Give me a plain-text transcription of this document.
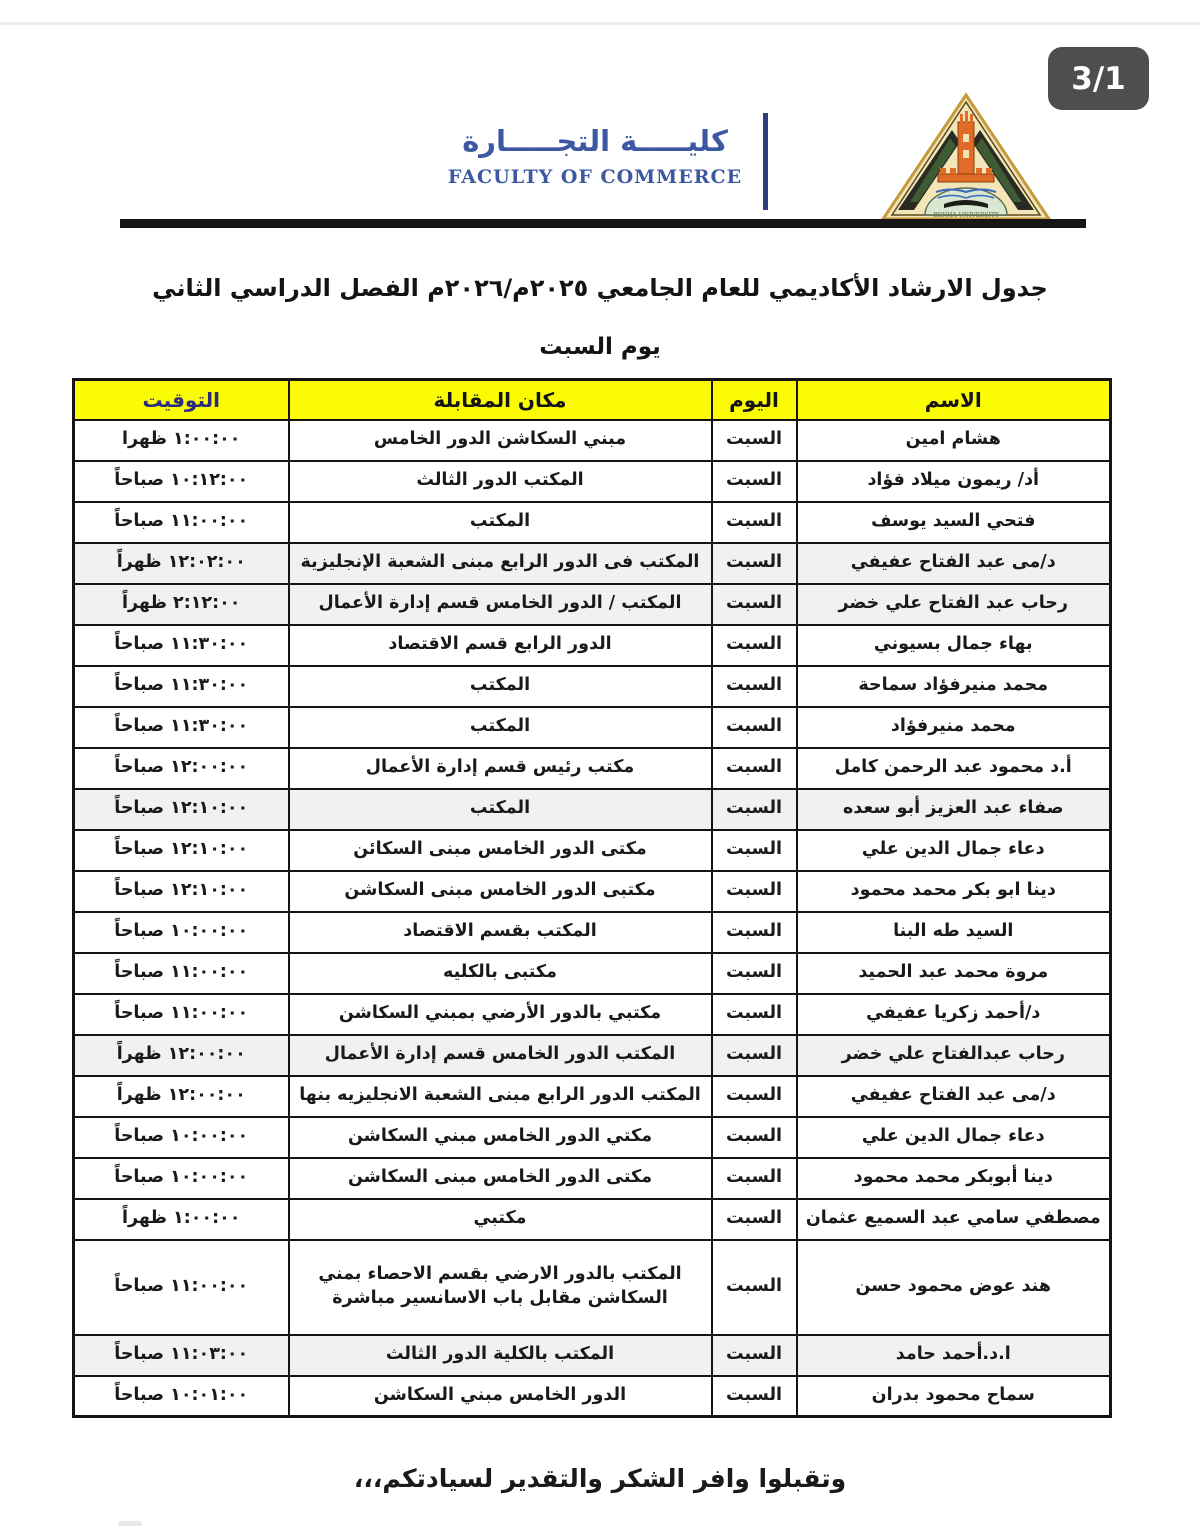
3/1
BENHA UNIVERSITY
كليـــــة التجـــــارة
FACULTY OF COMMERCE
جدول الارشاد الأكاديمي للعام الجامعي ٢٠٢٥م/٢٠٢٦م الفصل الدراسي الثاني
يوم السبت
الاسم	اليوم	مكان المقابلة	التوقيت
هشام امين	السبت	مبني السكاشن الدور الخامس	١:٠٠:٠٠ ظهرا
أد/ ريمون ميلاد فؤاد	السبت	المكتب الدور الثالث	١٠:١٢:٠٠ صباحاً
فتحي السيد يوسف	السبت	المكتب	١١:٠٠:٠٠ صباحاً
د/مى عبد الفتاح عفيفي	السبت	المكتب فى الدور الرابع مبنى الشعبة الإنجليزية	١٢:٠٢:٠٠ ظهراً
رحاب عبد الفتاح علي خضر	السبت	المكتب / الدور الخامس قسم إدارة الأعمال	٢:١٢:٠٠ ظهراً
بهاء جمال بسيوني	السبت	الدور الرابع قسم الاقتصاد	١١:٣٠:٠٠ صباحاً
محمد منيرفؤاد سماحة	السبت	المكتب	١١:٣٠:٠٠ صباحاً
محمد منيرفؤاد	السبت	المكتب	١١:٣٠:٠٠ صباحاً
أ.د محمود عبد الرحمن كامل	السبت	مكتب رئيس قسم إدارة الأعمال	١٢:٠٠:٠٠ صباحاً
صفاء عبد العزيز أبو سعده	السبت	المكتب	١٢:١٠:٠٠ صباحاً
دعاء جمال الدين علي	السبت	مكتى الدور الخامس مبنى السكائن	١٢:١٠:٠٠ صباحاً
دينا ابو بكر محمد محمود	السبت	مكتبى الدور الخامس مبنى السكاشن	١٢:١٠:٠٠ صباحاً
السيد طه البنا	السبت	المكتب بقسم الاقتصاد	١٠:٠٠:٠٠ صباحاً
مروة محمد عبد الحميد	السبت	مكتبى بالكليه	١١:٠٠:٠٠ صباحاً
د/أحمد زكريا عفيفي	السبت	مكتبي بالدور الأرضي بمبني السكاشن	١١:٠٠:٠٠ صباحاً
رحاب عبدالفتاح علي خضر	السبت	المكتب الدور الخامس قسم إدارة الأعمال	١٢:٠٠:٠٠ ظهراً
د/مى عبد الفتاح عفيفي	السبت	المكتب الدور الرابع مبنى الشعبة الانجليزيه بنها	١٢:٠٠:٠٠ ظهراً
دعاء جمال الدين علي	السبت	مكتي الدور الخامس مبني السكاشن	١٠:٠٠:٠٠ صباحاً
دينا أبوبكر محمد محمود	السبت	مكتى الدور الخامس مبنى السكاشن	١٠:٠٠:٠٠ صباحاً
مصطفي سامي عبد السميع عثمان	السبت	مكتبي	١:٠٠:٠٠ ظهراً
هند عوض محمود حسن	السبت	المكتب بالدور الارضي بقسم الاحصاء بمني السكاشن مقابل باب الاسانسير مباشرة	١١:٠٠:٠٠ صباحاً
ا.د.أحمد حامد	السبت	المكتب بالكلية الدور الثالث	١١:٠٣:٠٠ صباحاً
سماح محمود بدران	السبت	الدور الخامس مبني السكاشن	١٠:٠١:٠٠ صباحاً
وتقبلوا وافر الشكر والتقدير لسيادتكم،،،
